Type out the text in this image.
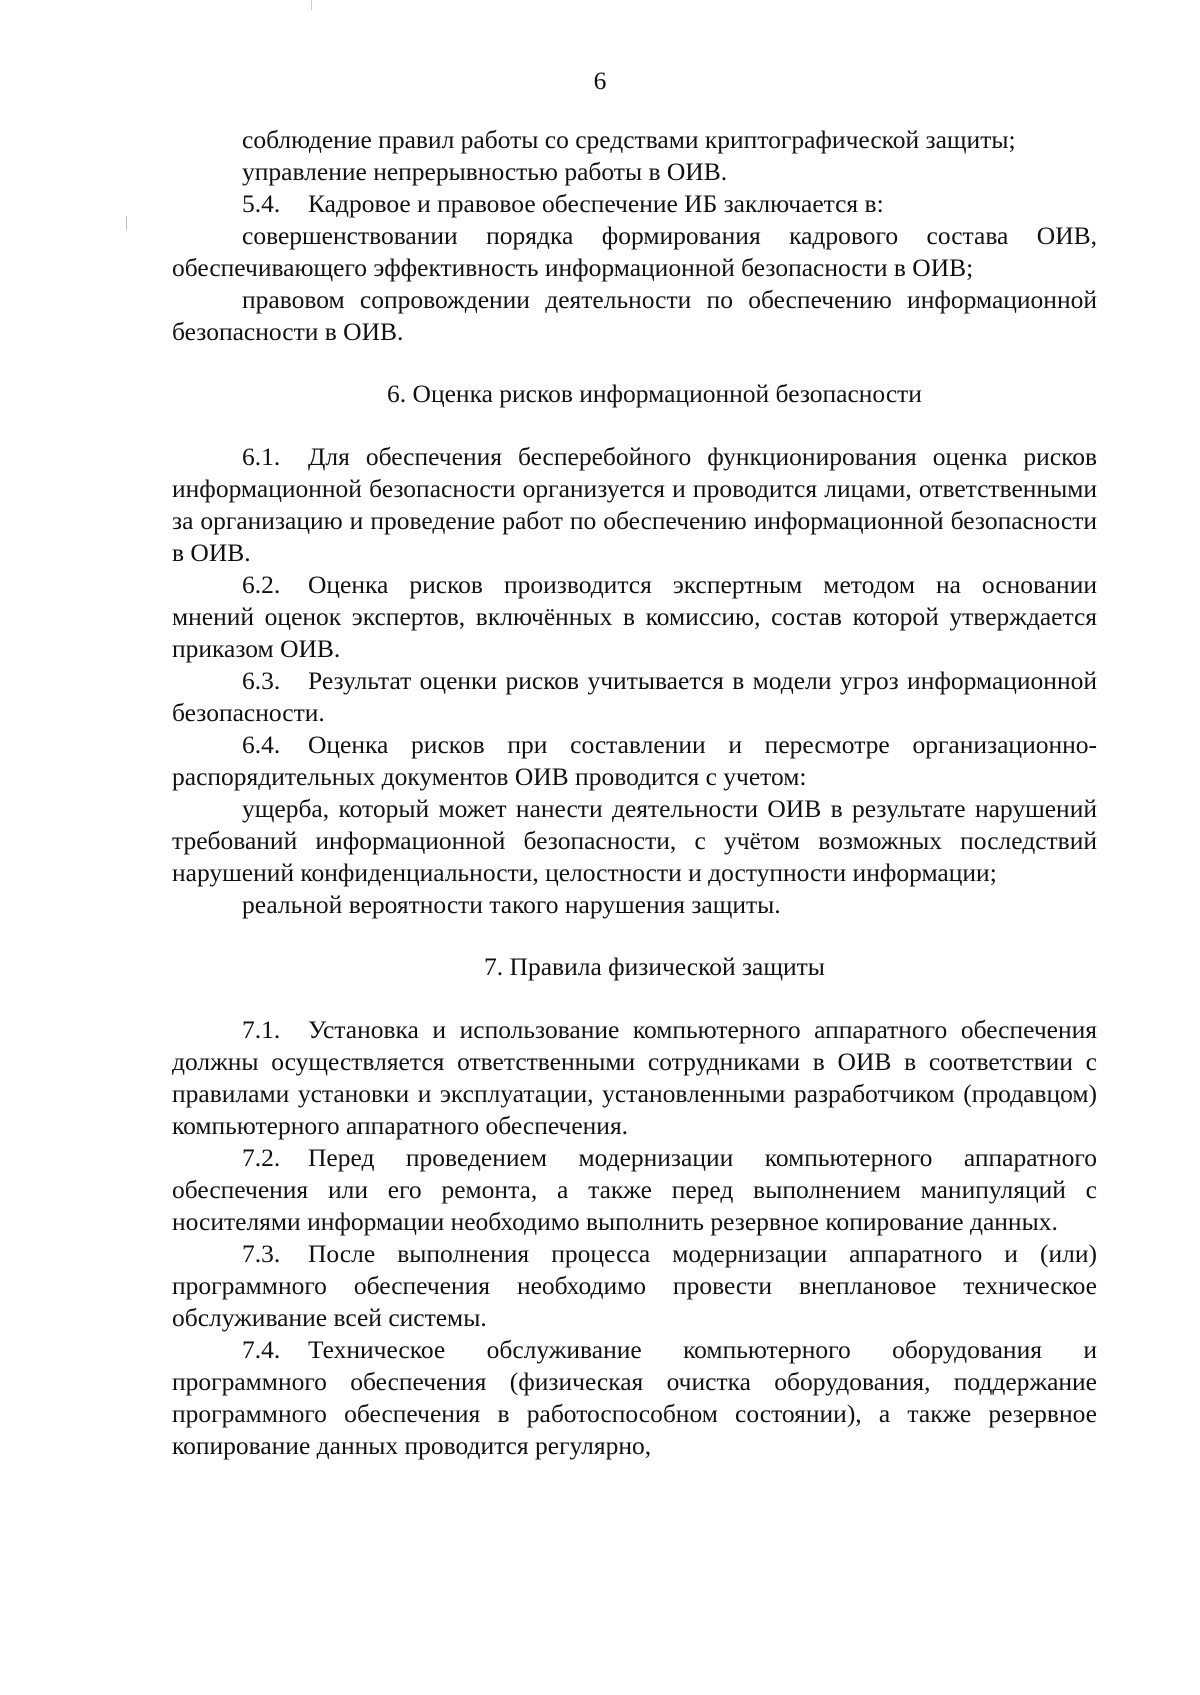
6

соблюдение правил работы со средствами криптографической защиты;

управление непрерывностью работы в ОИВ.

5.4. Кадровое и правовое обеспечение ИБ заключается в:

совершенствовании порядка формирования кадрового состава ОИВ, обеспечивающего эффективность информационной безопасности в ОИВ;

правовом сопровождении деятельности по обеспечению информационной безопасности в ОИВ.

6. Оценка рисков информационной безопасности

6.1. Для обеспечения бесперебойного функционирования оценка рисков информационной безопасности организуется и проводится лицами, ответственными за организацию и проведение работ по обеспечению информационной безопасности в ОИВ.

6.2. Оценка рисков производится экспертным методом на основании мнений оценок экспертов, включённых в комиссию, состав которой утверждается приказом ОИВ.

6.3. Результат оценки рисков учитывается в модели угроз информационной безопасности.

6.4. Оценка рисков при составлении и пересмотре организационно-распорядительных документов ОИВ проводится с учетом:

ущерба, который может нанести деятельности ОИВ в результате нарушений требований информационной безопасности, с учётом возможных последствий нарушений конфиденциальности, целостности и доступности информации;

реальной вероятности такого нарушения защиты.

7. Правила физической защиты

7.1. Установка и использование компьютерного аппаратного обеспечения должны осуществляется ответственными сотрудниками в ОИВ в соответствии с правилами установки и эксплуатации, установленными разработчиком (продавцом) компьютерного аппаратного обеспечения.

7.2. Перед проведением модернизации компьютерного аппаратного обеспечения или его ремонта, а также перед выполнением манипуляций с носителями информации необходимо выполнить резервное копирование данных.

7.3. После выполнения процесса модернизации аппаратного и (или) программного обеспечения необходимо провести внеплановое техническое обслуживание всей системы.

7.4. Техническое обслуживание компьютерного оборудования и программного обеспечения (физическая очистка оборудования, поддержание программного обеспечения в работоспособном состоянии), а также резервное копирование данных проводится регулярно,
